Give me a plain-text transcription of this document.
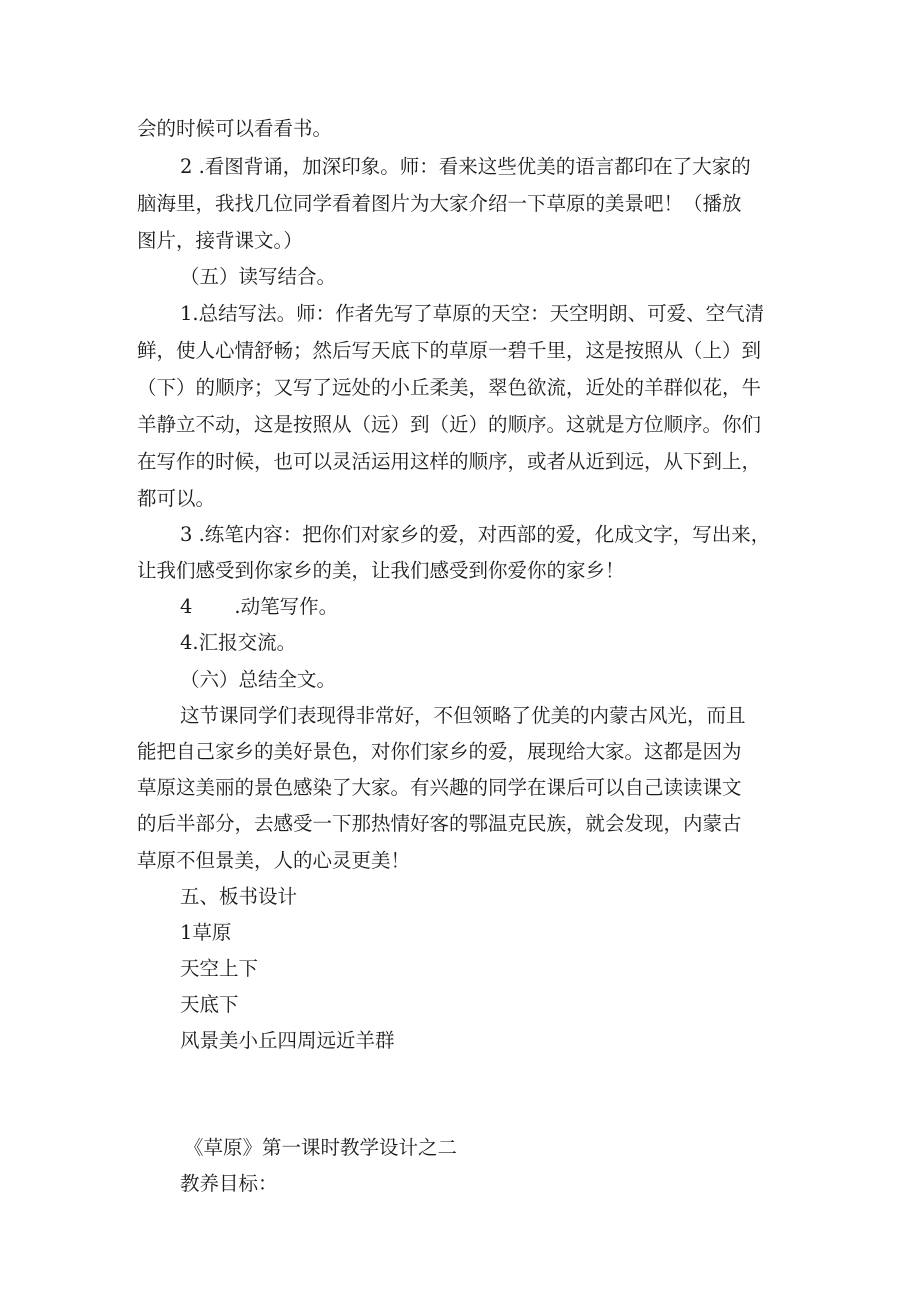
会的时候可以看看书。

2 .看图背诵，加深印象。师：看来这些优美的语言都印在了大家的

脑海里，我找几位同学看着图片为大家介绍一下草原的美景吧！（播放

图片，接背课文。）

（五）读写结合。

1.总结写法。师：作者先写了草原的天空：天空明朗、可爱、空气清

鲜，使人心情舒畅；然后写天底下的草原一碧千里，这是按照从（上）到

（下）的顺序；又写了远处的小丘柔美，翠色欲流，近处的羊群似花，牛

羊静立不动，这是按照从（远）到（近）的顺序。这就是方位顺序。你们

在写作的时候，也可以灵活运用这样的顺序，或者从近到远，从下到上，

都可以。

3 .练笔内容：把你们对家乡的爱，对西部的爱，化成文字，写出来，

让我们感受到你家乡的美，让我们感受到你爱你的家乡！

4 .动笔写作。

4.汇报交流。

（六）总结全文。

这节课同学们表现得非常好，不但领略了优美的内蒙古风光，而且

能把自己家乡的美好景色，对你们家乡的爱，展现给大家。这都是因为

草原这美丽的景色感染了大家。有兴趣的同学在课后可以自己读读课文

的后半部分，去感受一下那热情好客的鄂温克民族，就会发现，内蒙古

草原不但景美，人的心灵更美！

五、板书设计

1草原

天空上下

天底下

风景美小丘四周远近羊群

《草原》第一课时教学设计之二

教养目标：
